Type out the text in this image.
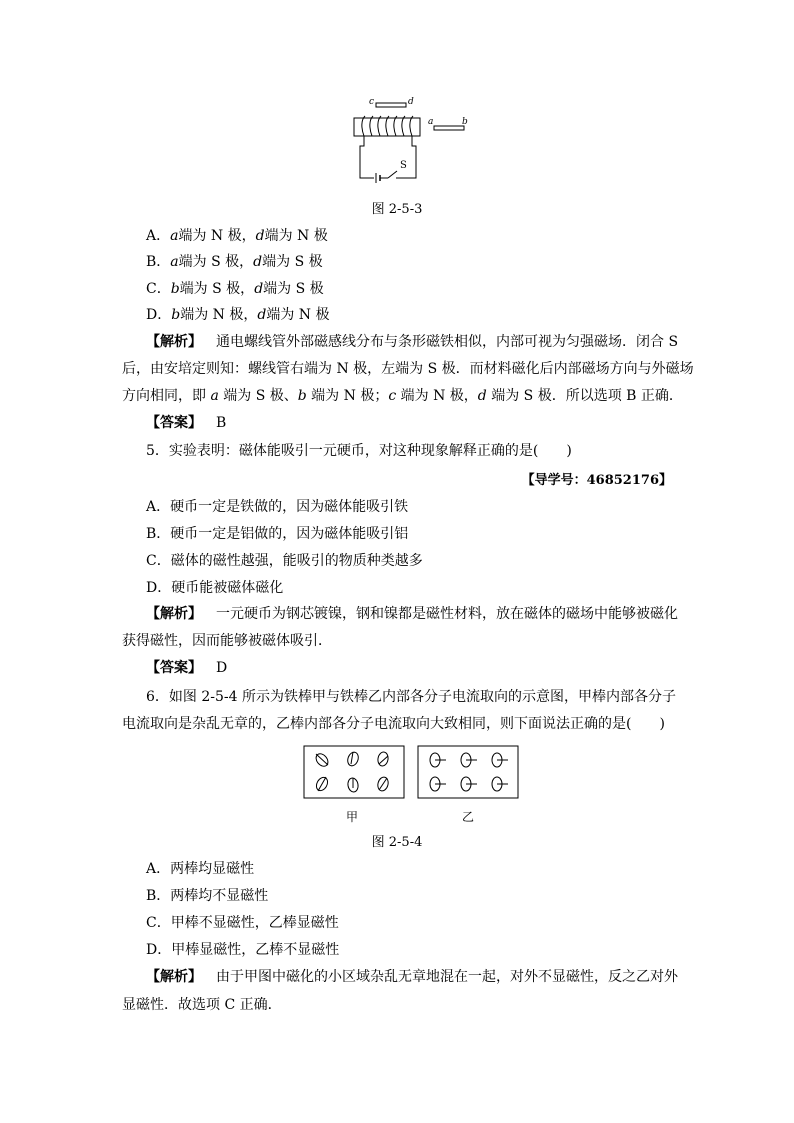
c	d
a	b
S
图 2-5-3
A．a端为 N 极，d端为 N 极
B．a端为 S 极，d端为 S 极
C．b端为 S 极，d端为 S 极
D．b端为 N 极，d端为 N 极
【解析】 通电螺线管外部磁感线分布与条形磁铁相似，内部可视为匀强磁场．闭合 S
后，由安培定则知：螺线管右端为 N 极，左端为 S 极．而材料磁化后内部磁场方向与外磁场
方向相同，即 a 端为 S 极、b 端为 N 极；c 端为 N 极，d 端为 S 极．所以选项 B 正确．
【答案】 B
5．实验表明：磁体能吸引一元硬币，对这种现象解释正确的是(　　)
【导学号：46852176】
A．硬币一定是铁做的，因为磁体能吸引铁
B．硬币一定是铝做的，因为磁体能吸引铝
C．磁体的磁性越强，能吸引的物质种类越多
D．硬币能被磁体磁化
【解析】 一元硬币为钢芯镀镍，钢和镍都是磁性材料，放在磁体的磁场中能够被磁化
获得磁性，因而能够被磁体吸引．
【答案】 D
6．如图 2-5-4 所示为铁棒甲与铁棒乙内部各分子电流取向的示意图，甲棒内部各分子
电流取向是杂乱无章的，乙棒内部各分子电流取向大致相同，则下面说法正确的是(　　)
甲	乙
图 2-5-4
A．两棒均显磁性
B．两棒均不显磁性
C．甲棒不显磁性，乙棒显磁性
D．甲棒显磁性，乙棒不显磁性
【解析】 由于甲图中磁化的小区域杂乱无章地混在一起，对外不显磁性，反之乙对外
显磁性．故选项 C 正确．
